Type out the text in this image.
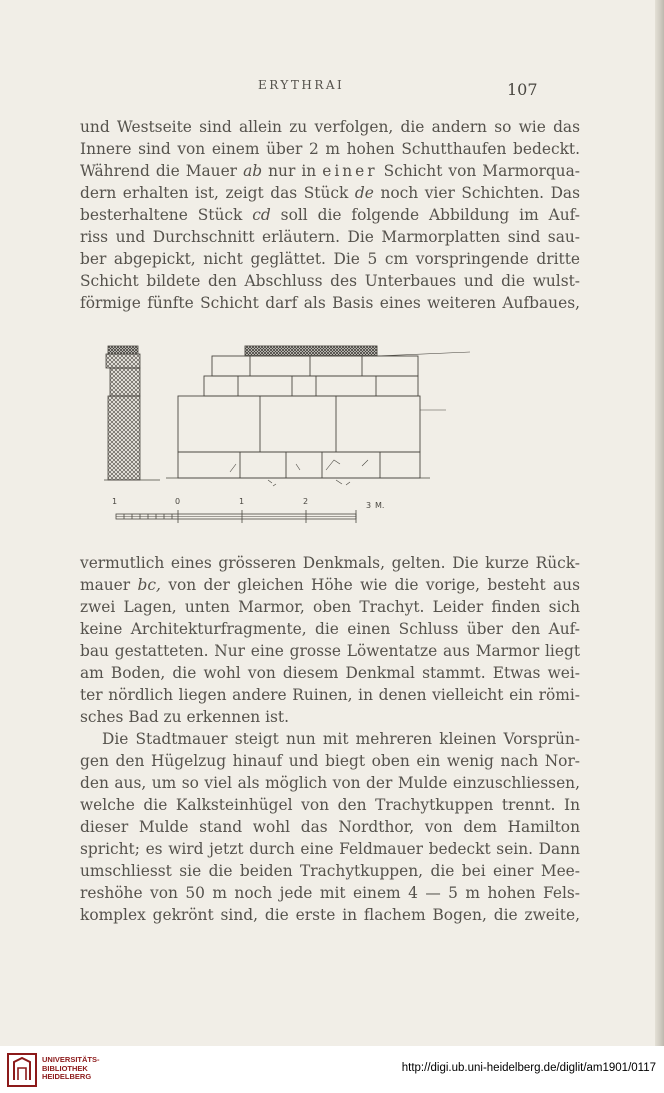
ERYTHRAI	107
und Westseite sind allein zu verfolgen, die andern so wie das
Innere sind von einem über 2 m hohen Schutthaufen bedeckt.
Während die Mauer ab nur in einer Schicht von Marmorqua-
dern erhalten ist, zeigt das Stück de noch vier Schichten. Das
besterhaltene Stück cd soll die folgende Abbildung im Auf-
riss und Durchschnitt erläutern. Die Marmorplatten sind sau-
ber abgepickt, nicht geglättet. Die 5 cm vorspringende dritte
Schicht bildete den Abschluss des Unterbaues und die wulst-
förmige fünfte Schicht darf als Basis eines weiteren Aufbaues,
1	0	1	2	3 M.
vermutlich eines grösseren Denkmals, gelten. Die kurze Rück-
mauer bc, von der gleichen Höhe wie die vorige, besteht aus
zwei Lagen, unten Marmor, oben Trachyt. Leider finden sich
keine Architekturfragmente, die einen Schluss über den Auf-
bau gestatteten. Nur eine grosse Löwentatze aus Marmor liegt
am Boden, die wohl von diesem Denkmal stammt. Etwas wei-
ter nördlich liegen andere Ruinen, in denen vielleicht ein römi-
sches Bad zu erkennen ist.
Die Stadtmauer steigt nun mit mehreren kleinen Vorsprün-
gen den Hügelzug hinauf und biegt oben ein wenig nach Nor-
den aus, um so viel als möglich von der Mulde einzuschliessen,
welche die Kalksteinhügel von den Trachytkuppen trennt. In
dieser Mulde stand wohl das Nordthor, von dem Hamilton
spricht; es wird jetzt durch eine Feldmauer bedeckt sein. Dann
umschliesst sie die beiden Trachytkuppen, die bei einer Mee-
reshöhe von 50 m noch jede mit einem 4 — 5 m hohen Fels-
komplex gekrönt sind, die erste in flachem Bogen, die zweite,
UNIVERSITÄTS-
BIBLIOTHEK
HEIDELBERG
http://digi.ub.uni-heidelberg.de/diglit/am1901/0117
